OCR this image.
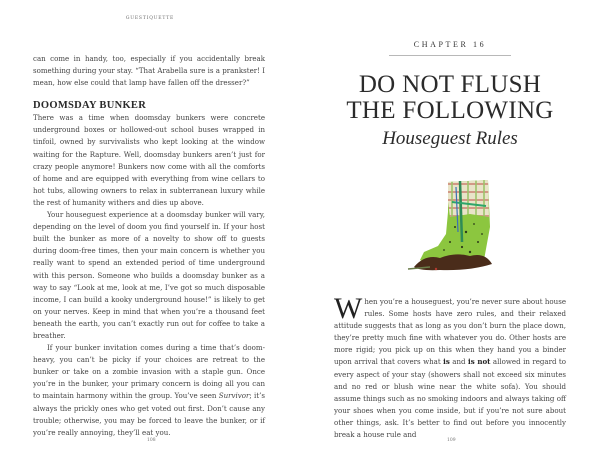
GUESTIQUETTE

can come in handy, too, especially if you accidentally break something during your stay. “That Arabella sure is a prankster! I mean, how else could that lamp have fallen off the dresser?”

DOOMSDAY BUNKER

There was a time when doomsday bunkers were concrete underground boxes or hollowed-out school buses wrapped in tinfoil, owned by survivalists who kept looking at the window waiting for the Rapture. Well, doomsday bunkers aren’t just for crazy people anymore! Bunkers now come with all the comforts of home and are equipped with everything from wine cellars to hot tubs, allowing owners to relax in subterranean luxury while the rest of humanity withers and dies up above.

Your houseguest experience at a doomsday bunker will vary, depending on the level of doom you find yourself in. If your host built the bunker as more of a novelty to show off to guests during doom-free times, then your main concern is whether you really want to spend an extended period of time underground with this person. Someone who builds a doomsday bunker as a way to say “Look at me, look at me, I’ve got so much disposable income, I can build a kooky underground house!” is likely to get on your nerves. Keep in mind that when you’re a thousand feet beneath the earth, you can’t exactly run out for coffee to take a breather.

If your bunker invitation comes during a time that’s doom-heavy, you can’t be picky if your choices are retreat to the bunker or take on a zombie invasion with a staple gun. Once you’re in the bunker, your primary concern is doing all you can to maintain harmony within the group. You’ve seen Survivor; it’s always the prickly ones who get voted out first. Don’t cause any trouble; otherwise, you may be forced to leave the bunker, or if you’re really annoying, they’ll eat you.

108
CHAPTER 16
DO NOT FLUSH
THE FOLLOWING
Houseguest Rules

When you’re a houseguest, you’re never sure about house rules. Some hosts have zero rules, and their relaxed attitude suggests that as long as you don’t burn the place down, they’re pretty much fine with whatever you do. Other hosts are more rigid; you pick up on this when they hand you a binder upon arrival that covers what is and is not allowed in regard to every aspect of your stay (showers shall not exceed six minutes and no red or blush wine near the white sofa). You should assume things such as no smoking indoors and always taking off your shoes when you come inside, but if you’re not sure about other things, ask. It’s better to find out before you innocently break a house rule and

109
